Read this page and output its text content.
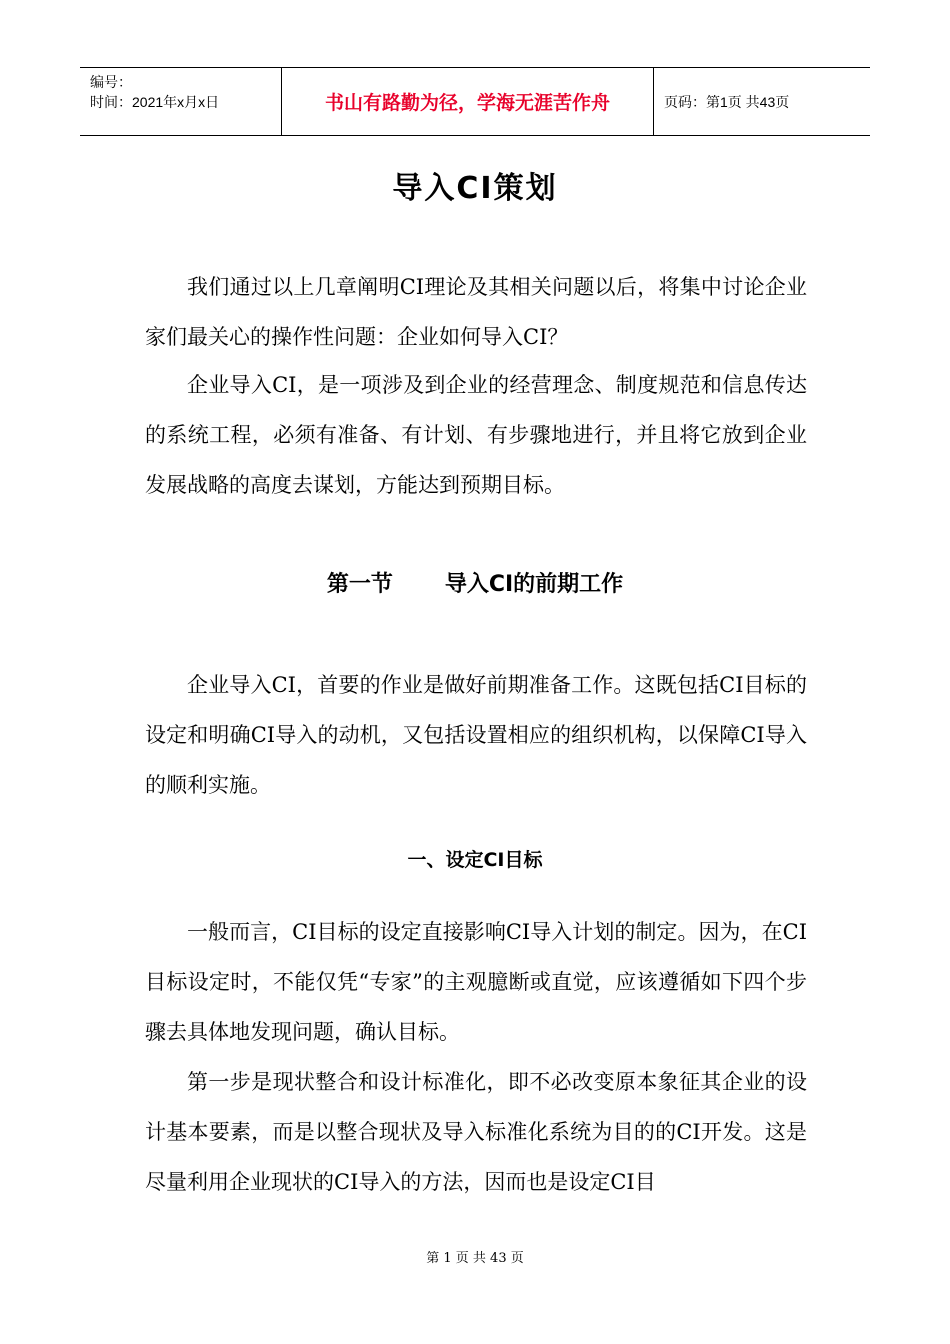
编号：
时间：2021年x月x日	书山有路勤为径，学海无涯苦作舟	页码：第1页 共43页
导入CI策划

我们通过以上几章阐明CI理论及其相关问题以后，将集中讨论企业家们最关心的操作性问题：企业如何导入CI？

企业导入CI，是一项涉及到企业的经营理念、制度规范和信息传达的系统工程，必须有准备、有计划、有步骤地进行，并且将它放到企业发展战略的高度去谋划，方能达到预期目标。

第一节 导入CI的前期工作

企业导入CI，首要的作业是做好前期准备工作。这既包括CI目标的设定和明确CI导入的动机，又包括设置相应的组织机构，以保障CI导入的顺利实施。

一、设定CI目标

一般而言，CI目标的设定直接影响CI导入计划的制定。因为，在CI目标设定时，不能仅凭“专家”的主观臆断或直觉，应该遵循如下四个步骤去具体地发现问题，确认目标。

第一步是现状整合和设计标准化，即不必改变原本象征其企业的设计基本要素，而是以整合现状及导入标准化系统为目的的CI开发。这是尽量利用企业现状的CI导入的方法，因而也是设定CI目

第 1 页 共 43 页
